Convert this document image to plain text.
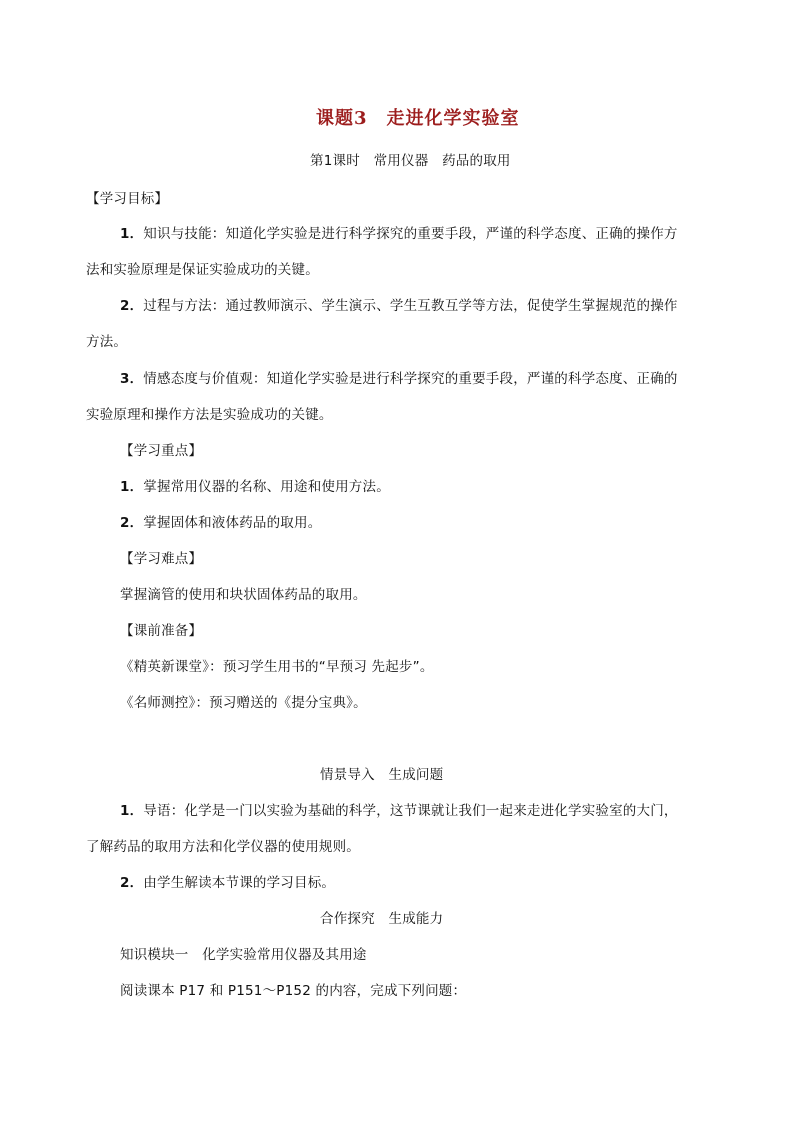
课题3　走进化学实验室
第1课时　常用仪器　药品的取用
【学习目标】
1．知识与技能：知道化学实验是进行科学探究的重要手段，严谨的科学态度、正确的操作方
法和实验原理是保证实验成功的关键。
2．过程与方法：通过教师演示、学生演示、学生互教互学等方法，促使学生掌握规范的操作
方法。
3．情感态度与价值观：知道化学实验是进行科学探究的重要手段，严谨的科学态度、正确的
实验原理和操作方法是实验成功的关键。
【学习重点】
1．掌握常用仪器的名称、用途和使用方法。
2．掌握固体和液体药品的取用。
【学习难点】
掌握滴管的使用和块状固体药品的取用。
【课前准备】
《精英新课堂》：预习学生用书的“早预习 先起步”。
《名师测控》：预习赠送的《提分宝典》。
情景导入　生成问题
1．导语：化学是一门以实验为基础的科学，这节课就让我们一起来走进化学实验室的大门，
了解药品的取用方法和化学仪器的使用规则。
2．由学生解读本节课的学习目标。
合作探究　生成能力
知识模块一　化学实验常用仪器及其用途
阅读课本 P17 和 P151～P152 的内容，完成下列问题：
